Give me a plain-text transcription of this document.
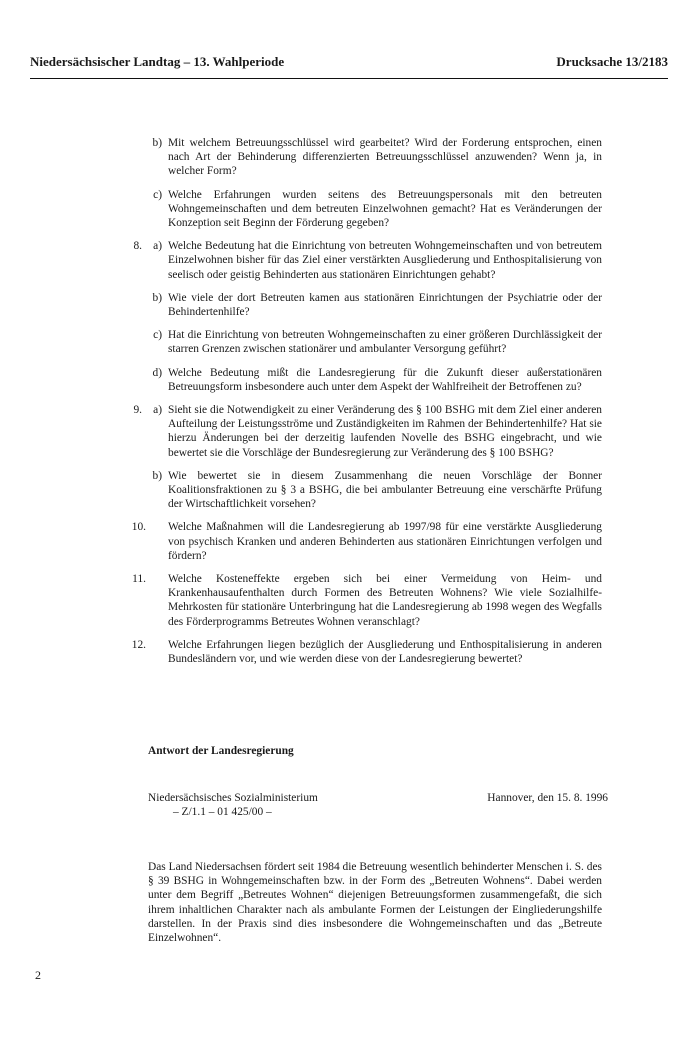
Niedersächsischer Landtag – 13. Wahlperiode	Drucksache 13/2183
b) Mit welchem Betreuungsschlüssel wird gearbeitet? Wird der Forderung entsprochen, einen nach Art der Behinderung differenzierten Betreuungsschlüssel anzuwenden? Wenn ja, in welcher Form?
c) Welche Erfahrungen wurden seitens des Betreuungspersonals mit den betreuten Wohngemeinschaften und dem betreuten Einzelwohnen gemacht? Hat es Veränderungen der Konzeption seit Beginn der Förderung gegeben?
8. a) Welche Bedeutung hat die Einrichtung von betreuten Wohngemeinschaften und von betreutem Einzelwohnen bisher für das Ziel einer verstärkten Ausgliederung und Enthospitalisierung von seelisch oder geistig Behinderten aus stationären Einrichtungen gehabt?
b) Wie viele der dort Betreuten kamen aus stationären Einrichtungen der Psychiatrie oder der Behindertenhilfe?
c) Hat die Einrichtung von betreuten Wohngemeinschaften zu einer größeren Durchlässigkeit der starren Grenzen zwischen stationärer und ambulanter Versorgung geführt?
d) Welche Bedeutung mißt die Landesregierung für die Zukunft dieser außerstationären Betreuungsform insbesondere auch unter dem Aspekt der Wahlfreiheit der Betroffenen zu?
9. a) Sieht sie die Notwendigkeit zu einer Veränderung des § 100 BSHG mit dem Ziel einer anderen Aufteilung der Leistungsströme und Zuständigkeiten im Rahmen der Behindertenhilfe? Hat sie hierzu Änderungen bei der derzeitig laufenden Novelle des BSHG eingebracht, und wie bewertet sie die Vorschläge der Bundesregierung zur Veränderung des § 100 BSHG?
b) Wie bewertet sie in diesem Zusammenhang die neuen Vorschläge der Bonner Koalitionsfraktionen zu § 3 a BSHG, die bei ambulanter Betreuung eine verschärfte Prüfung der Wirtschaftlichkeit vorsehen?
10. Welche Maßnahmen will die Landesregierung ab 1997/98 für eine verstärkte Ausgliederung von psychisch Kranken und anderen Behinderten aus stationären Einrichtungen verfolgen und fördern?
11. Welche Kosteneffekte ergeben sich bei einer Vermeidung von Heim- und Krankenhausaufenthalten durch Formen des Betreuten Wohnens? Wie viele Sozialhilfe-Mehrkosten für stationäre Unterbringung hat die Landesregierung ab 1998 wegen des Wegfalls des Förderprogramms Betreutes Wohnen veranschlagt?
12. Welche Erfahrungen liegen bezüglich der Ausgliederung und Enthospitalisierung in anderen Bundesländern vor, und wie werden diese von der Landesregierung bewertet?
Antwort der Landesregierung
Niedersächsisches Sozialministerium	Hannover, den 15. 8. 1996
– Z/1.1 – 01 425/00 –
Das Land Niedersachsen fördert seit 1984 die Betreuung wesentlich behinderter Menschen i. S. des § 39 BSHG in Wohngemeinschaften bzw. in der Form des „Betreuten Wohnens“. Dabei werden unter dem Begriff „Betreutes Wohnen“ diejenigen Betreuungsformen zusammengefaßt, die sich ihrem inhaltlichen Charakter nach als ambulante Formen der Leistungen der Eingliederungshilfe darstellen. In der Praxis sind dies insbesondere die Wohngemeinschaften und das „Betreute Einzelwohnen“.
2
